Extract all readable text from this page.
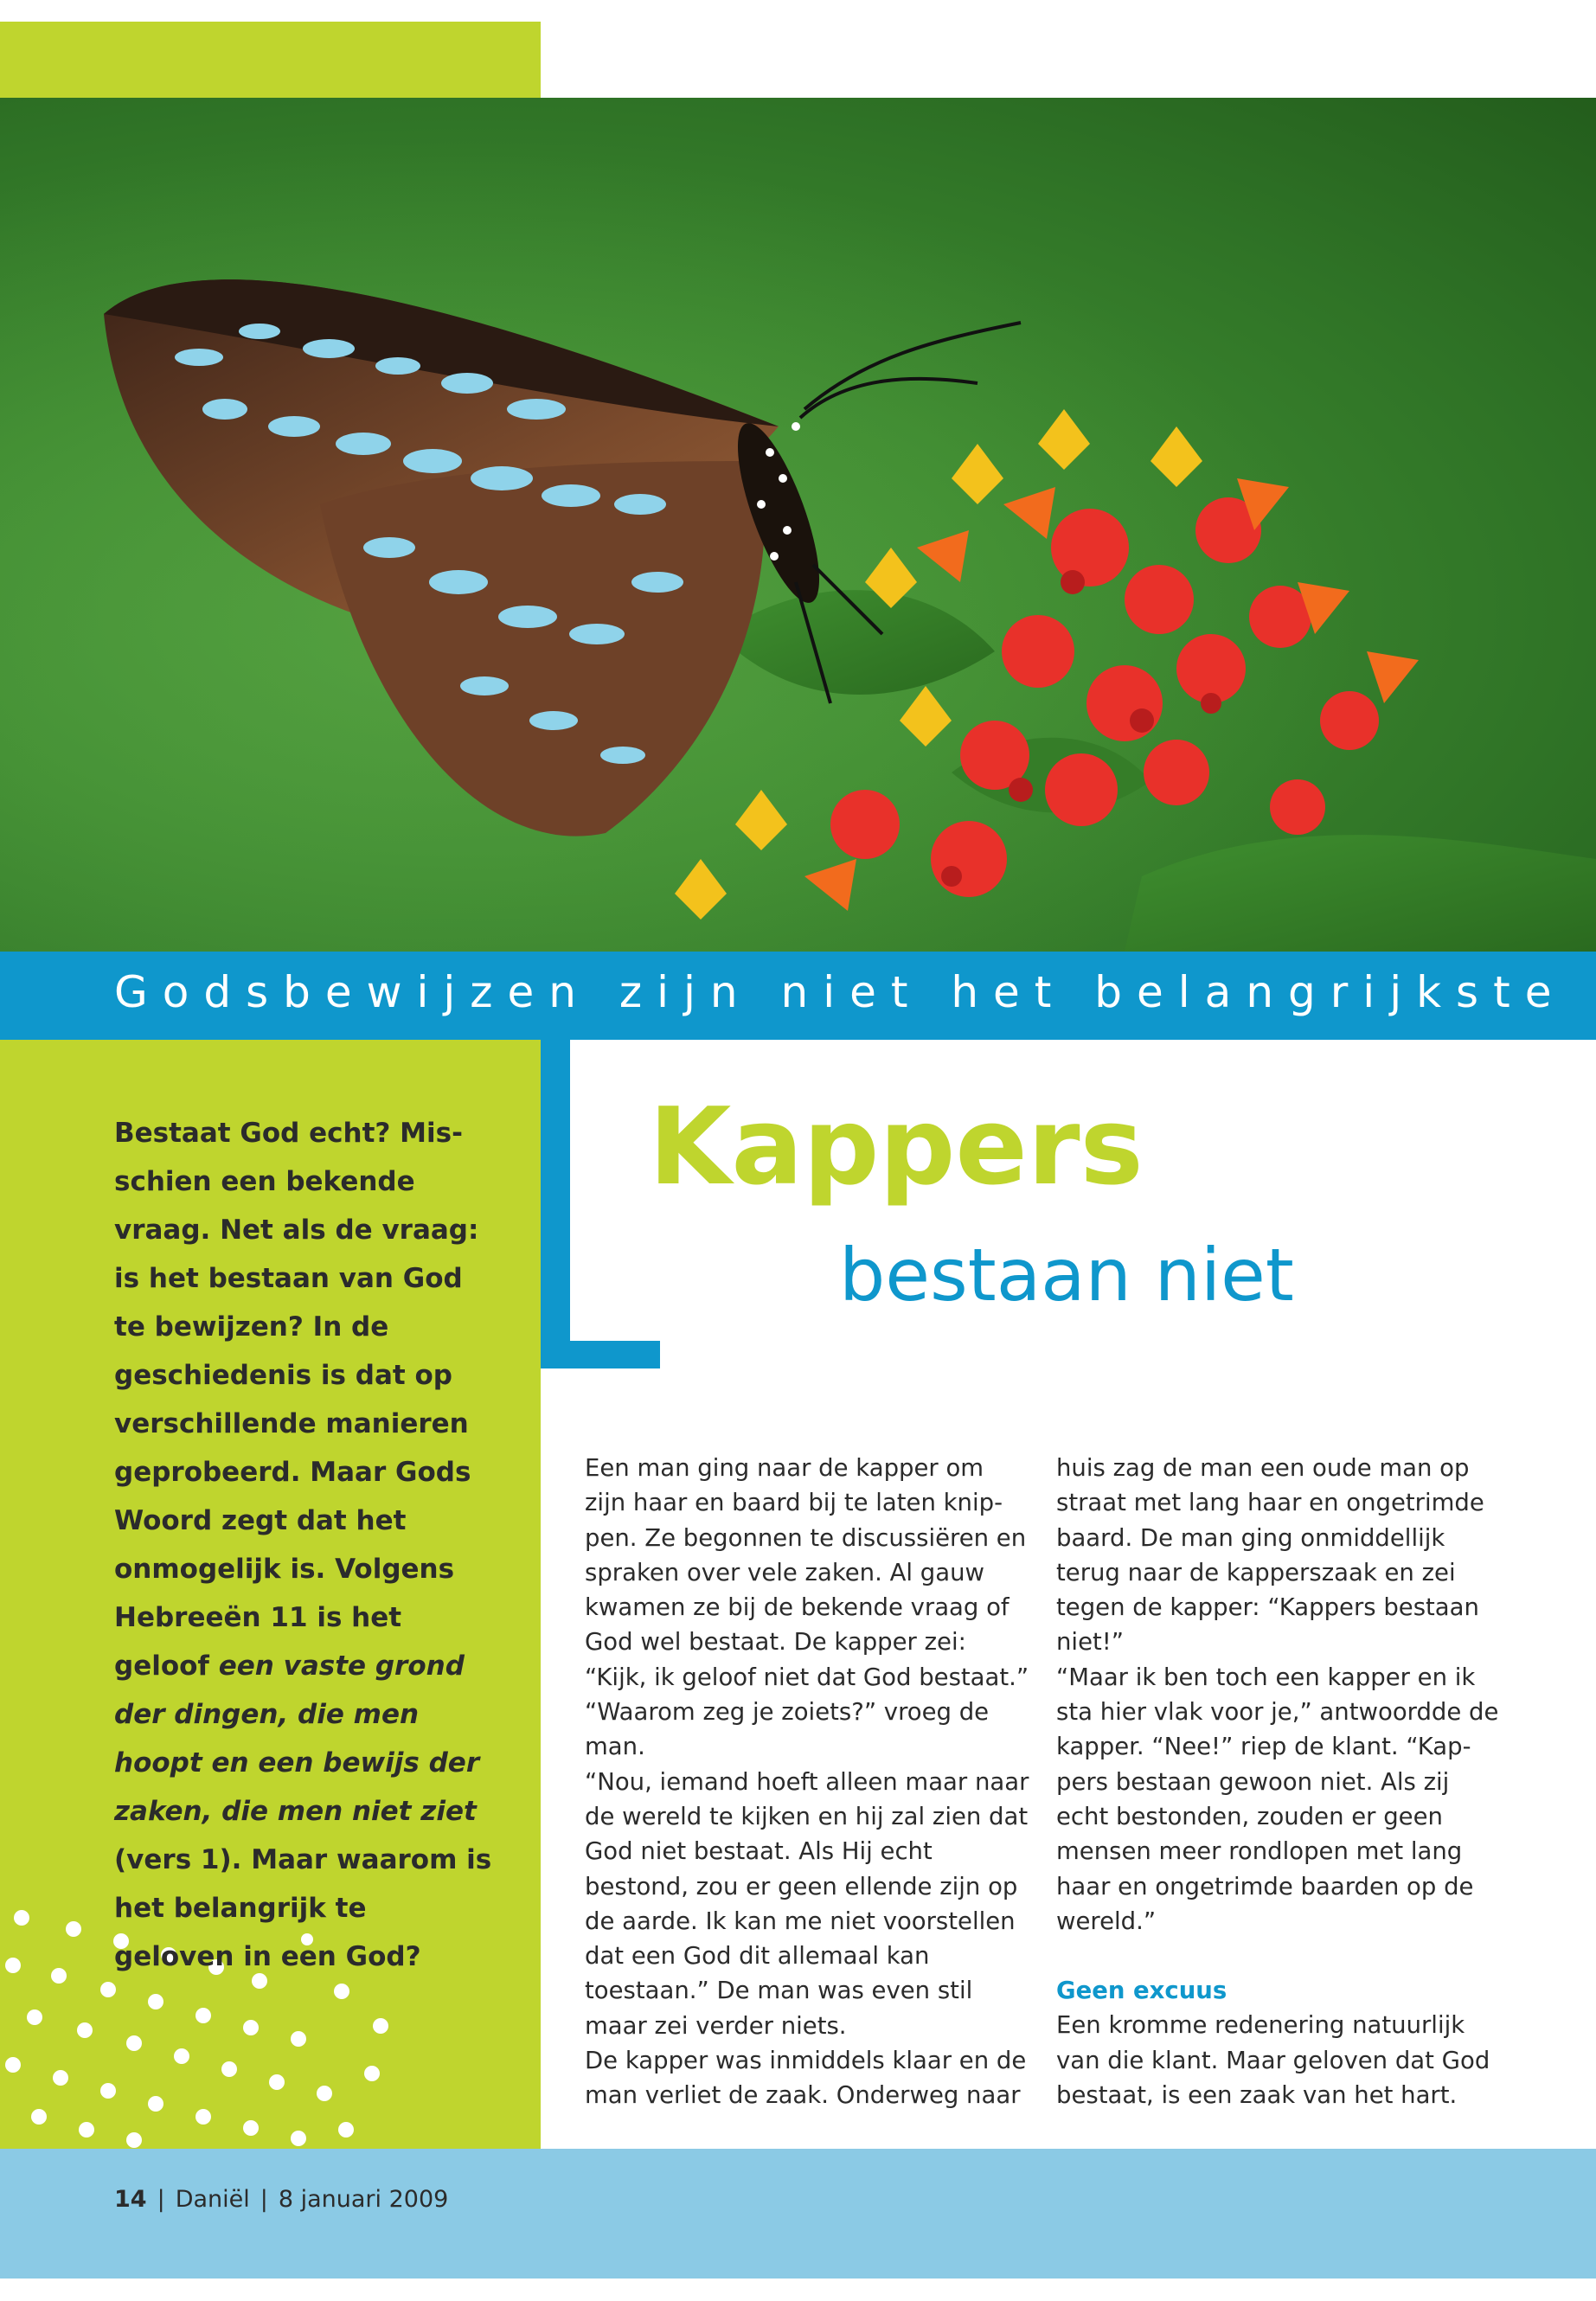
Godsbewijzen zijn niet het belangrijkste
Bestaat God echt? Misschien een bekende vraag. Net als de vraag: is het bestaan van God te bewijzen? In de geschiedenis is dat op verschillende manieren geprobeerd. Maar Gods Woord zegt dat het onmogelijk is. Volgens Hebreeën 11 is het geloof een vaste grond der dingen, die men hoopt en een bewijs der zaken, die men niet ziet (vers 1). Maar waarom is het belangrijk te geloven in een God?
Kappers
bestaan niet

Een man ging naar de kapper om zijn haar en baard bij te laten knippen. Ze begonnen te discussiëren en spraken over vele zaken. Al gauw kwamen ze bij de bekende vraag of God wel bestaat. De kapper zei: “Kijk, ik geloof niet dat God bestaat.”

“Waarom zeg je zoiets?” vroeg de man.

“Nou, iemand hoeft alleen maar naar de wereld te kijken en hij zal zien dat God niet bestaat. Als Hij echt bestond, zou er geen ellende zijn op de aarde. Ik kan me niet voorstellen dat een God dit allemaal kan toestaan.” De man was even stil maar zei verder niets.

De kapper was inmiddels klaar en de man verliet de zaak. Onderweg naar

huis zag de man een oude man op straat met lang haar en ongetrimde baard. De man ging onmiddellijk terug naar de kapperszaak en zei tegen de kapper: “Kappers bestaan niet!”

“Maar ik ben toch een kapper en ik sta hier vlak voor je,” antwoordde de kapper. “Nee!” riep de klant. “Kappers bestaan gewoon niet. Als zij echt bestonden, zouden er geen mensen meer rondlopen met lang haar en ongetrimde baarden op de wereld.”

Geen excuus

Een kromme redenering natuurlijk van die klant. Maar geloven dat God bestaat, is een zaak van het hart.

14 | Daniël | 8 januari 2009
